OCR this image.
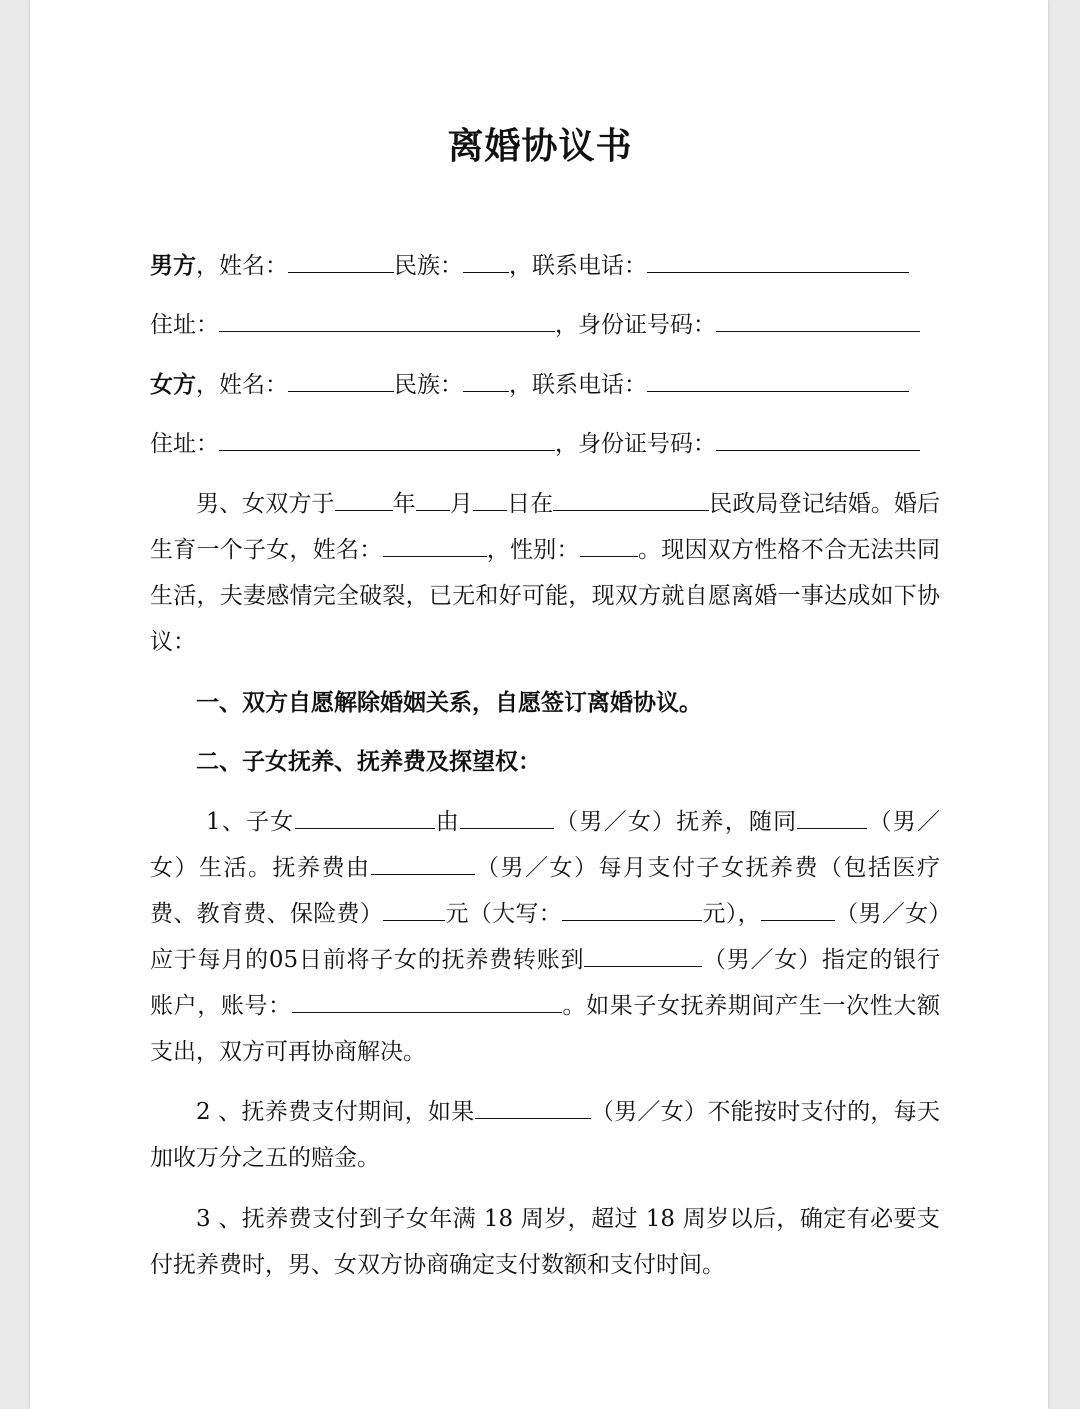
离婚协议书
男方，姓名：	民族： ，联系电话：
住址：	，身份证号码：
女方，姓名：	民族： ，联系电话：
住址：	，身份证号码：
男、女双方于	年 月 日在	民政局登记结婚。婚后生育一个子女，姓名：	，性别：	。现因双方性格不合无法共同生活，夫妻感情完全破裂，已无和好可能，现双方就自愿离婚一事达成如下协议：
一、双方自愿解除婚姻关系，自愿签订离婚协议。
二、子女抚养、抚养费及探望权：
1、子女	由	（男／女）抚养，随同	（男／女）生活。抚养费由	（男／女）每月支付子女抚养费（包括医疗费、教育费、保险费）	元（大写：	元），	（男／女）应于每月的05日前将子女的抚养费转账到	（男／女）指定的银行账户，账号：	。如果子女抚养期间产生一次性大额支出，双方可再协商解决。
2 、抚养费支付期间，如果	（男／女）不能按时支付的，每天加收万分之五的赔金。
3 、抚养费支付到子女年满 18 周岁，超过 18 周岁以后，确定有必要支付抚养费时，男、女双方协商确定支付数额和支付时间。
